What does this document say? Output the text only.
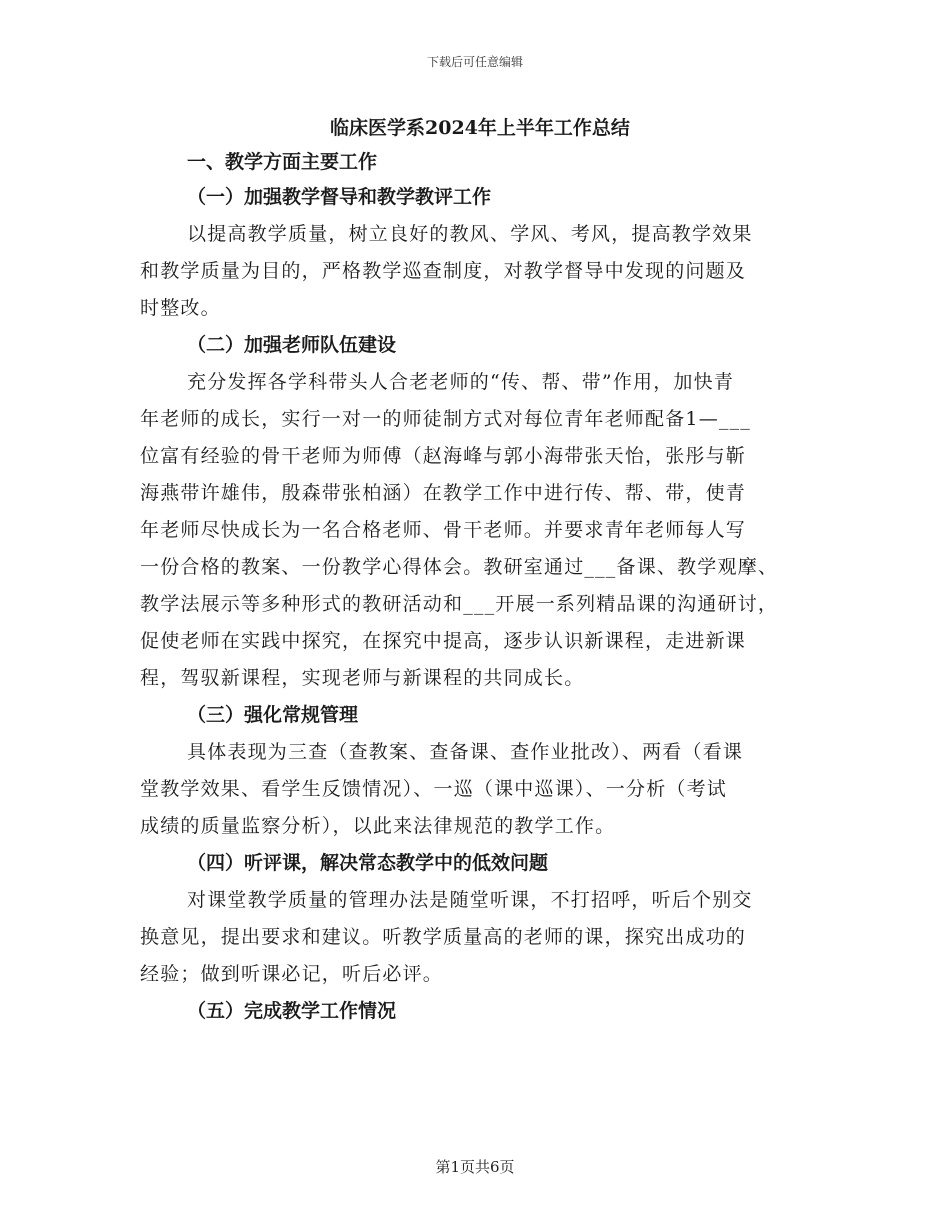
下载后可任意编辑
临床医学系2024年上半年工作总结
一、教学方面主要工作
（一）加强教学督导和教学教评工作

以提高教学质量，树立良好的教风、学风、考风，提高教学效果
和教学质量为目的，严格教学巡查制度，对教学督导中发现的问题及
时整改。

（二）加强老师队伍建设

充分发挥各学科带头人合老老师的“传、帮、带”作用，加快青
年老师的成长，实行一对一的师徒制方式对每位青年老师配备1—___
位富有经验的骨干老师为师傅（赵海峰与郭小海带张天怡，张彤与靳
海燕带许雄伟，殷森带张柏涵）在教学工作中进行传、帮、带，使青
年老师尽快成长为一名合格老师、骨干老师。并要求青年老师每人写
一份合格的教案、一份教学心得体会。教研室通过___备课、教学观摩、
教学法展示等多种形式的教研活动和___开展一系列精品课的沟通研讨，
促使老师在实践中探究，在探究中提高，逐步认识新课程，走进新课
程，驾驭新课程，实现老师与新课程的共同成长。

（三）强化常规管理

具体表现为三查（查教案、查备课、查作业批改）、两看（看课
堂教学效果、看学生反馈情况）、一巡（课中巡课）、一分析（考试
成绩的质量监察分析），以此来法律规范的教学工作。

（四）听评课，解决常态教学中的低效问题

对课堂教学质量的管理办法是随堂听课，不打招呼，听后个别交
换意见，提出要求和建议。听教学质量高的老师的课，探究出成功的
经验；做到听课必记，听后必评。

（五）完成教学工作情况
第1页共6页
